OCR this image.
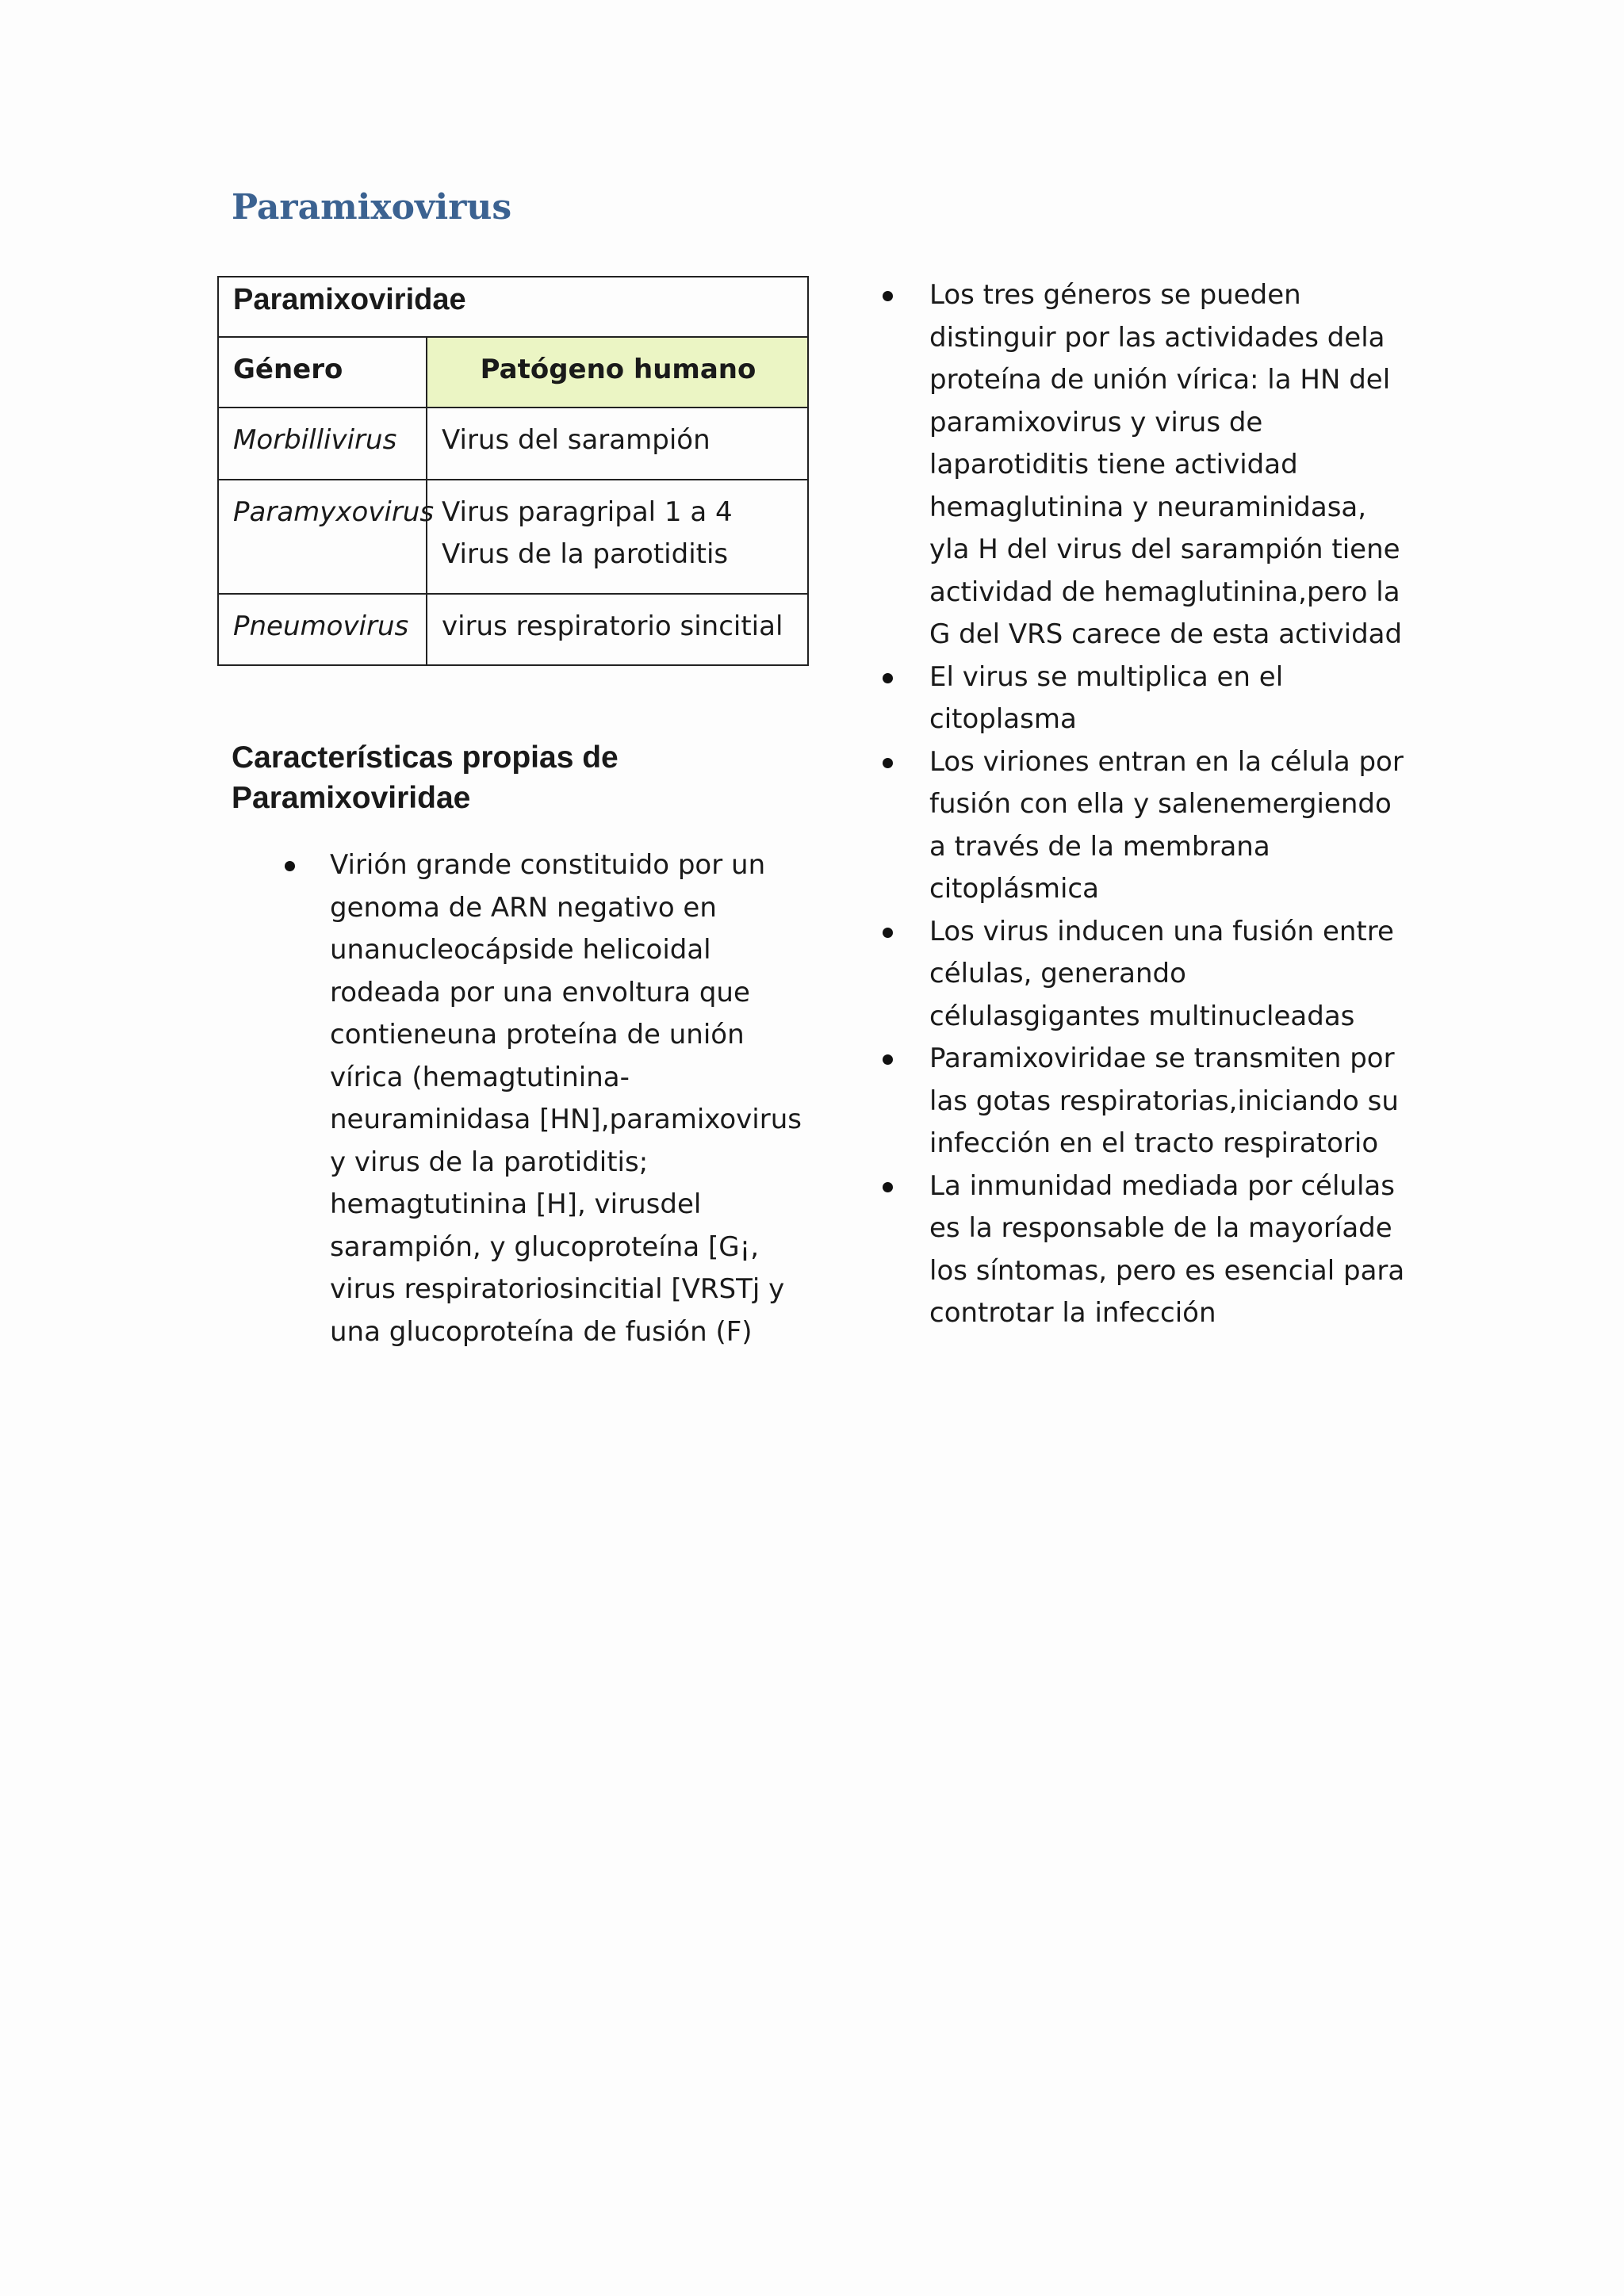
Paramixovirus
Paramixoviridae	
Género	Patógeno humano
Morbillivirus	Virus del sarampión
Paramyxovirus	Virus paragripal 1 a 4 Virus de la parotiditis
Pneumovirus	virus respiratorio sincitial
Características propias de Paramixoviridae
Virión grande constituido por un genoma de ARN negativo en unanucleocápside helicoidal rodeada por una envoltura que contieneuna proteína de unión vírica (hemagtutinina-neuraminidasa [HN],paramixovirus y virus de la parotiditis; hemagtutinina [H], virusdel sarampión, y glucoproteína [G¡, virus respiratoriosincitial [VRSTj y una glucoproteína de fusión (F)
Los tres géneros se pueden distinguir por las actividades dela proteína de unión vírica: la HN del paramixovirus y virus de laparotiditis tiene actividad hemaglutinina y neuraminidasa, yla H del virus del sarampión tiene actividad de hemaglutinina,pero la G del VRS carece de esta actividad
El virus se multiplica en el citoplasma
Los viriones entran en la célula por fusión con ella y salenemergiendo a través de la membrana citoplásmica
Los virus inducen una fusión entre células, generando célulasgigantes multinucleadas
Paramixoviridae se transmiten por las gotas respiratorias,iniciando su infección en el tracto respiratorio
La inmunidad mediada por células es la responsable de la mayoríade los síntomas, pero es esencial para controtar la infección
